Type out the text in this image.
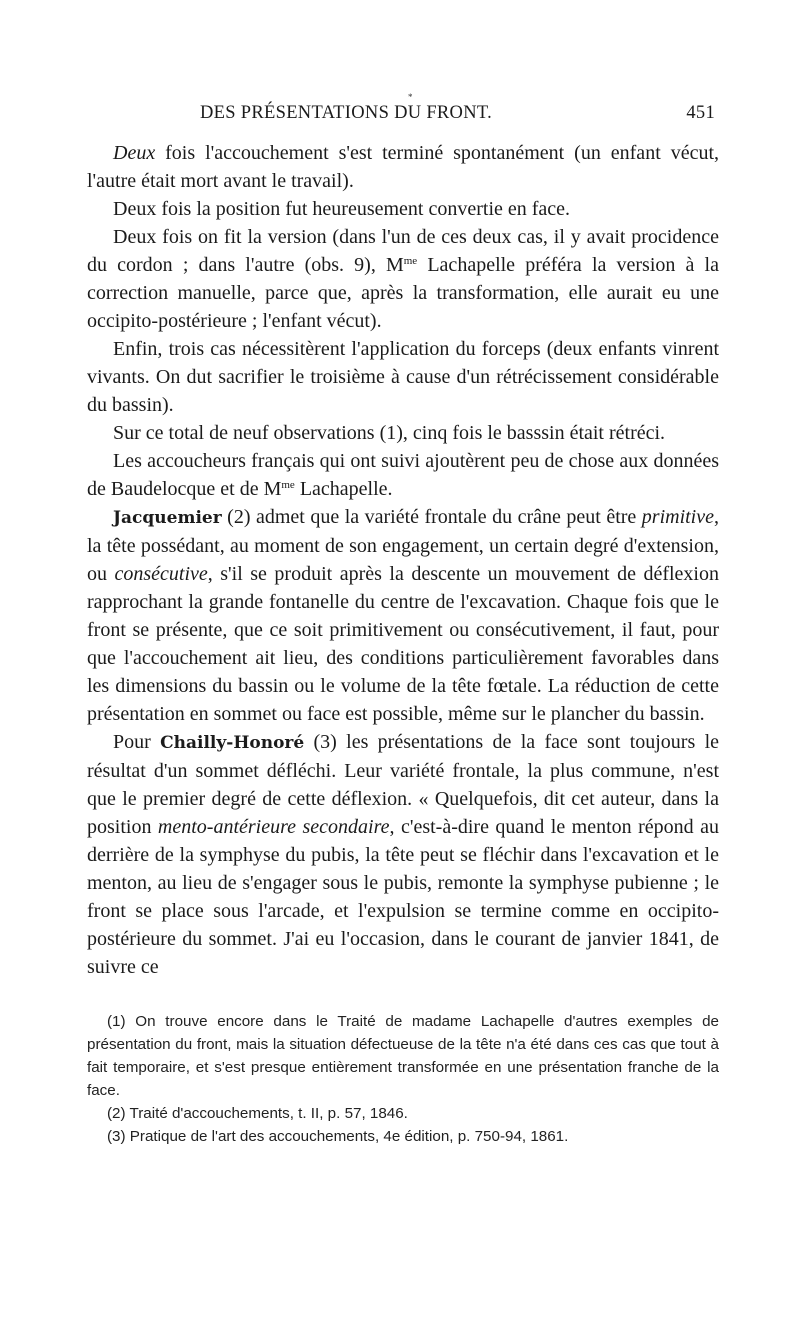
*
DES PRÉSENTATIONS DU FRONT.	451

Deux fois l'accouchement s'est terminé spontanément (un enfant vécut, l'autre était mort avant le travail).

Deux fois la position fut heureusement convertie en face.

Deux fois on fit la version (dans l'un de ces deux cas, il y avait procidence du cordon ; dans l'autre (obs. 9), $M^{me}$ Lachapelle préféra la version à la correction manuelle, parce que, après la transformation, elle aurait eu une occipito-postérieure ; l'enfant vécut).

Enfin, trois cas nécessitèrent l'application du forceps (deux enfants vinrent vivants. On dut sacrifier le troisième à cause d'un rétrécissement considérable du bassin).

Sur ce total de neuf observations (1), cinq fois le basssin était rétréci.

Les accoucheurs français qui ont suivi ajoutèrent peu de chose aux données de Baudelocque et de $M^{me}$ Lachapelle.

Jacquemier (2) admet que la variété frontale du crâne peut être primitive, la tête possédant, au moment de son engagement, un certain degré d'extension, ou consécutive, s'il se produit après la descente un mouvement de déflexion rapprochant la grande fontanelle du centre de l'excavation. Chaque fois que le front se présente, que ce soit primitivement ou consécutivement, il faut, pour que l'accouchement ait lieu, des conditions particulièrement favorables dans les dimensions du bassin ou le volume de la tête fœtale. La réduction de cette présentation en sommet ou face est possible, même sur le plancher du bassin.

Pour Chailly-Honoré (3) les présentations de la face sont toujours le résultat d'un sommet défléchi. Leur variété frontale, la plus commune, n'est que le premier degré de cette déflexion. « Quelquefois, dit cet auteur, dans la position mento-antérieure secondaire, c'est-à-dire quand le menton répond au derrière de la symphyse du pubis, la tête peut se fléchir dans l'excavation et le menton, au lieu de s'engager sous le pubis, remonte la symphyse pubienne ; le front se place sous l'arcade, et l'expulsion se termine comme en occipito-postérieure du sommet. J'ai eu l'occasion, dans le courant de janvier 1841, de suivre ce

(1) On trouve encore dans le Traité de madame Lachapelle d'autres exemples de présentation du front, mais la situation défectueuse de la tête n'a été dans ces cas que tout à fait temporaire, et s'est presque entièrement transformée en une présentation franche de la face.

(2) Traité d'accouchements, t. II, p. 57, 1846.

(3) Pratique de l'art des accouchements, 4e édition, p. 750-94, 1861.
